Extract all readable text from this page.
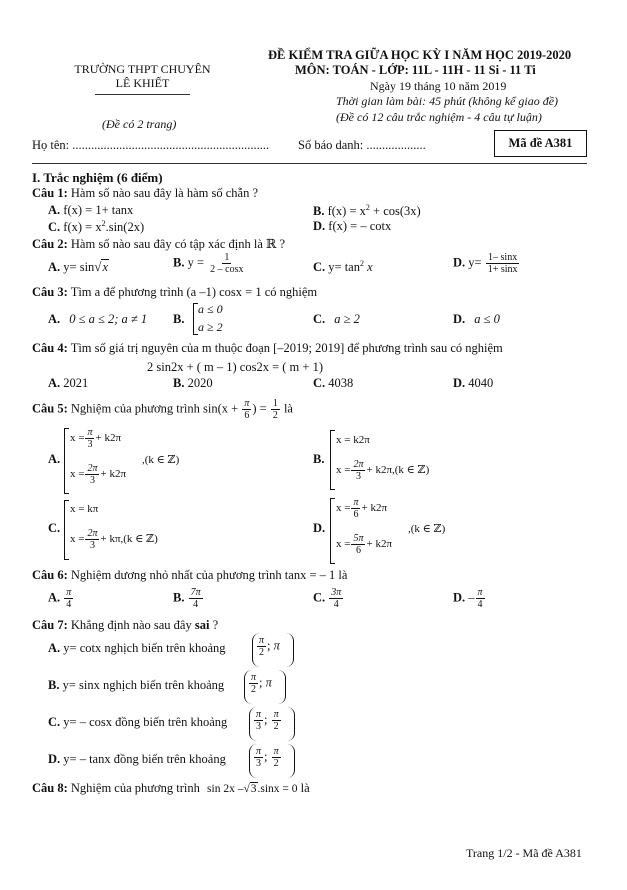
TRƯỜNG THPT CHUYÊN
LÊ KHIẾT
(Đề có 2 trang)
ĐỀ KIỂM TRA GIỮA HỌC KỲ I NĂM HỌC 2019-2020
MÔN: TOÁN - LỚP: 11L - 11H - 11 Si - 11 Ti
Ngày 19 tháng 10 năm 2019
Thời gian làm bài: 45 phút (không kể giao đề)
(Đề có 12 câu trắc nghiệm - 4 câu tự luận)
Họ tên: ............................................................... Số báo danh: ...................	Mã đề A381
I. Trắc nghiệm (6 điểm)
Câu 1: Hàm số nào sau đây là hàm số chẵn ?
A. f(x) = 1+ tanx	B. $f(x) = x^2 + \cos(3x)$
C. $f(x) = x^2.\sin(2x)$	D. f(x) = – cotx
Câu 2: Hàm số nào sau đây có tập xác định là ℝ ?
A. y= sin√x	B. $y = \frac{1}{2 - \cos x}$	C. $y= \tan^2 x$	D. $y= \frac{1- \sin x}{1+ \sin x}$
Câu 3: Tìm a để phương trình (a –1) cosx = 1 có nghiệm
A. 0 ≤ a ≤ 2; a ≠ 1 B.
a ≤ 0
a ≥ 2
C. a ≥ 2	D. a ≤ 0
Câu 4: Tìm số giá trị nguyên của m thuộc đoạn [–2019; 2019] để phương trình sau có nghiệm
2 sin2x + ( m – 1) cos2x = ( m + 1)
A. 2021	B. 2020	C. 4038	D. 4040
Câu 5: Nghiệm của phương trình $\sin(x + \frac{\pi}{6}$ ) = $\frac{1}{2}$ là
A.
$x = \frac{\pi}{3} + k2\pi$
$x = \frac{2\pi}{3} + k2\pi$
,(k ∈ ℤ)	B.
x = k2π
$x = \frac{2\pi}{3} + k2\pi,(k$ ∈ ℤ)
C.
x = kπ
$x = \frac{2\pi}{3} + k\pi,(k$ ∈ ℤ)
D.
$x = \frac{\pi}{6} + k2\pi$
$x = \frac{5\pi}{6} + k2\pi$
,(k ∈ ℤ)
Câu 6: Nghiệm dương nhỏ nhất của phương trình tanx = – 1 là
A. $\frac{\pi}{4}$	B. $\frac{7\pi}{4}$	C. $\frac{3\pi}{4}$	D. – $\frac{\pi}{4}$
Câu 7: Khẳng định nào sau đây sai ?
A. y= cotx nghịch biến trên khoảng	$\frac{\pi}{2}$ ; π
B. y= sinx nghịch biến trên khoảng $\frac{\pi}{2}$ ; π
C. y= – cosx đồng biến trên khoảng	$\frac{\pi}{3}$ ; $\frac{\pi}{2}$
D. y= – tanx đồng biến trên khoảng	$\frac{\pi}{3}$ ; $\frac{\pi}{2}$
Câu 8: Nghiệm của phương trình sin 2x –√3.sinx = 0 là
Trang 1/2 - Mã đề A381
